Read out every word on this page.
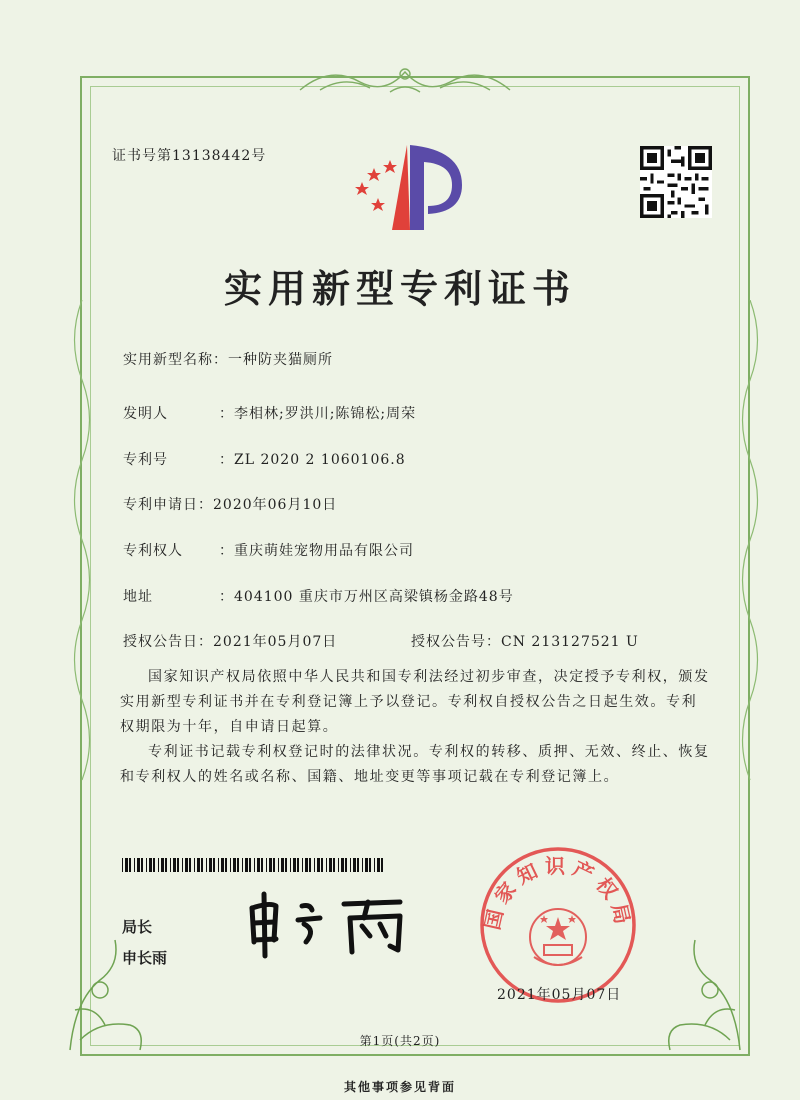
证书号第13138442号
实用新型专利证书
实用新型名称：一种防夹猫厕所
发明人	：李相林;罗洪川;陈锦松;周荣
专利号	：ZL 2020 2 1060106.8
专利申请日：2020年06月10日
专利权人	：重庆萌娃宠物用品有限公司
地址	：404100 重庆市万州区高梁镇杨金路48号
授权公告日：2021年05月07日	授权公告号：CN 213127521 U
国家知识产权局依照中华人民共和国专利法经过初步审查，决定授予专利权，颁发实用新型专利证书并在专利登记簿上予以登记。专利权自授权公告之日起生效。专利权期限为十年，自申请日起算。
专利证书记载专利权登记时的法律状况。专利权的转移、质押、无效、终止、恢复和专利权人的姓名或名称、国籍、地址变更等事项记载在专利登记簿上。
局长
申长雨
国家知识产权局
2021年05月07日
第1页(共2页)
其他事项参见背面
